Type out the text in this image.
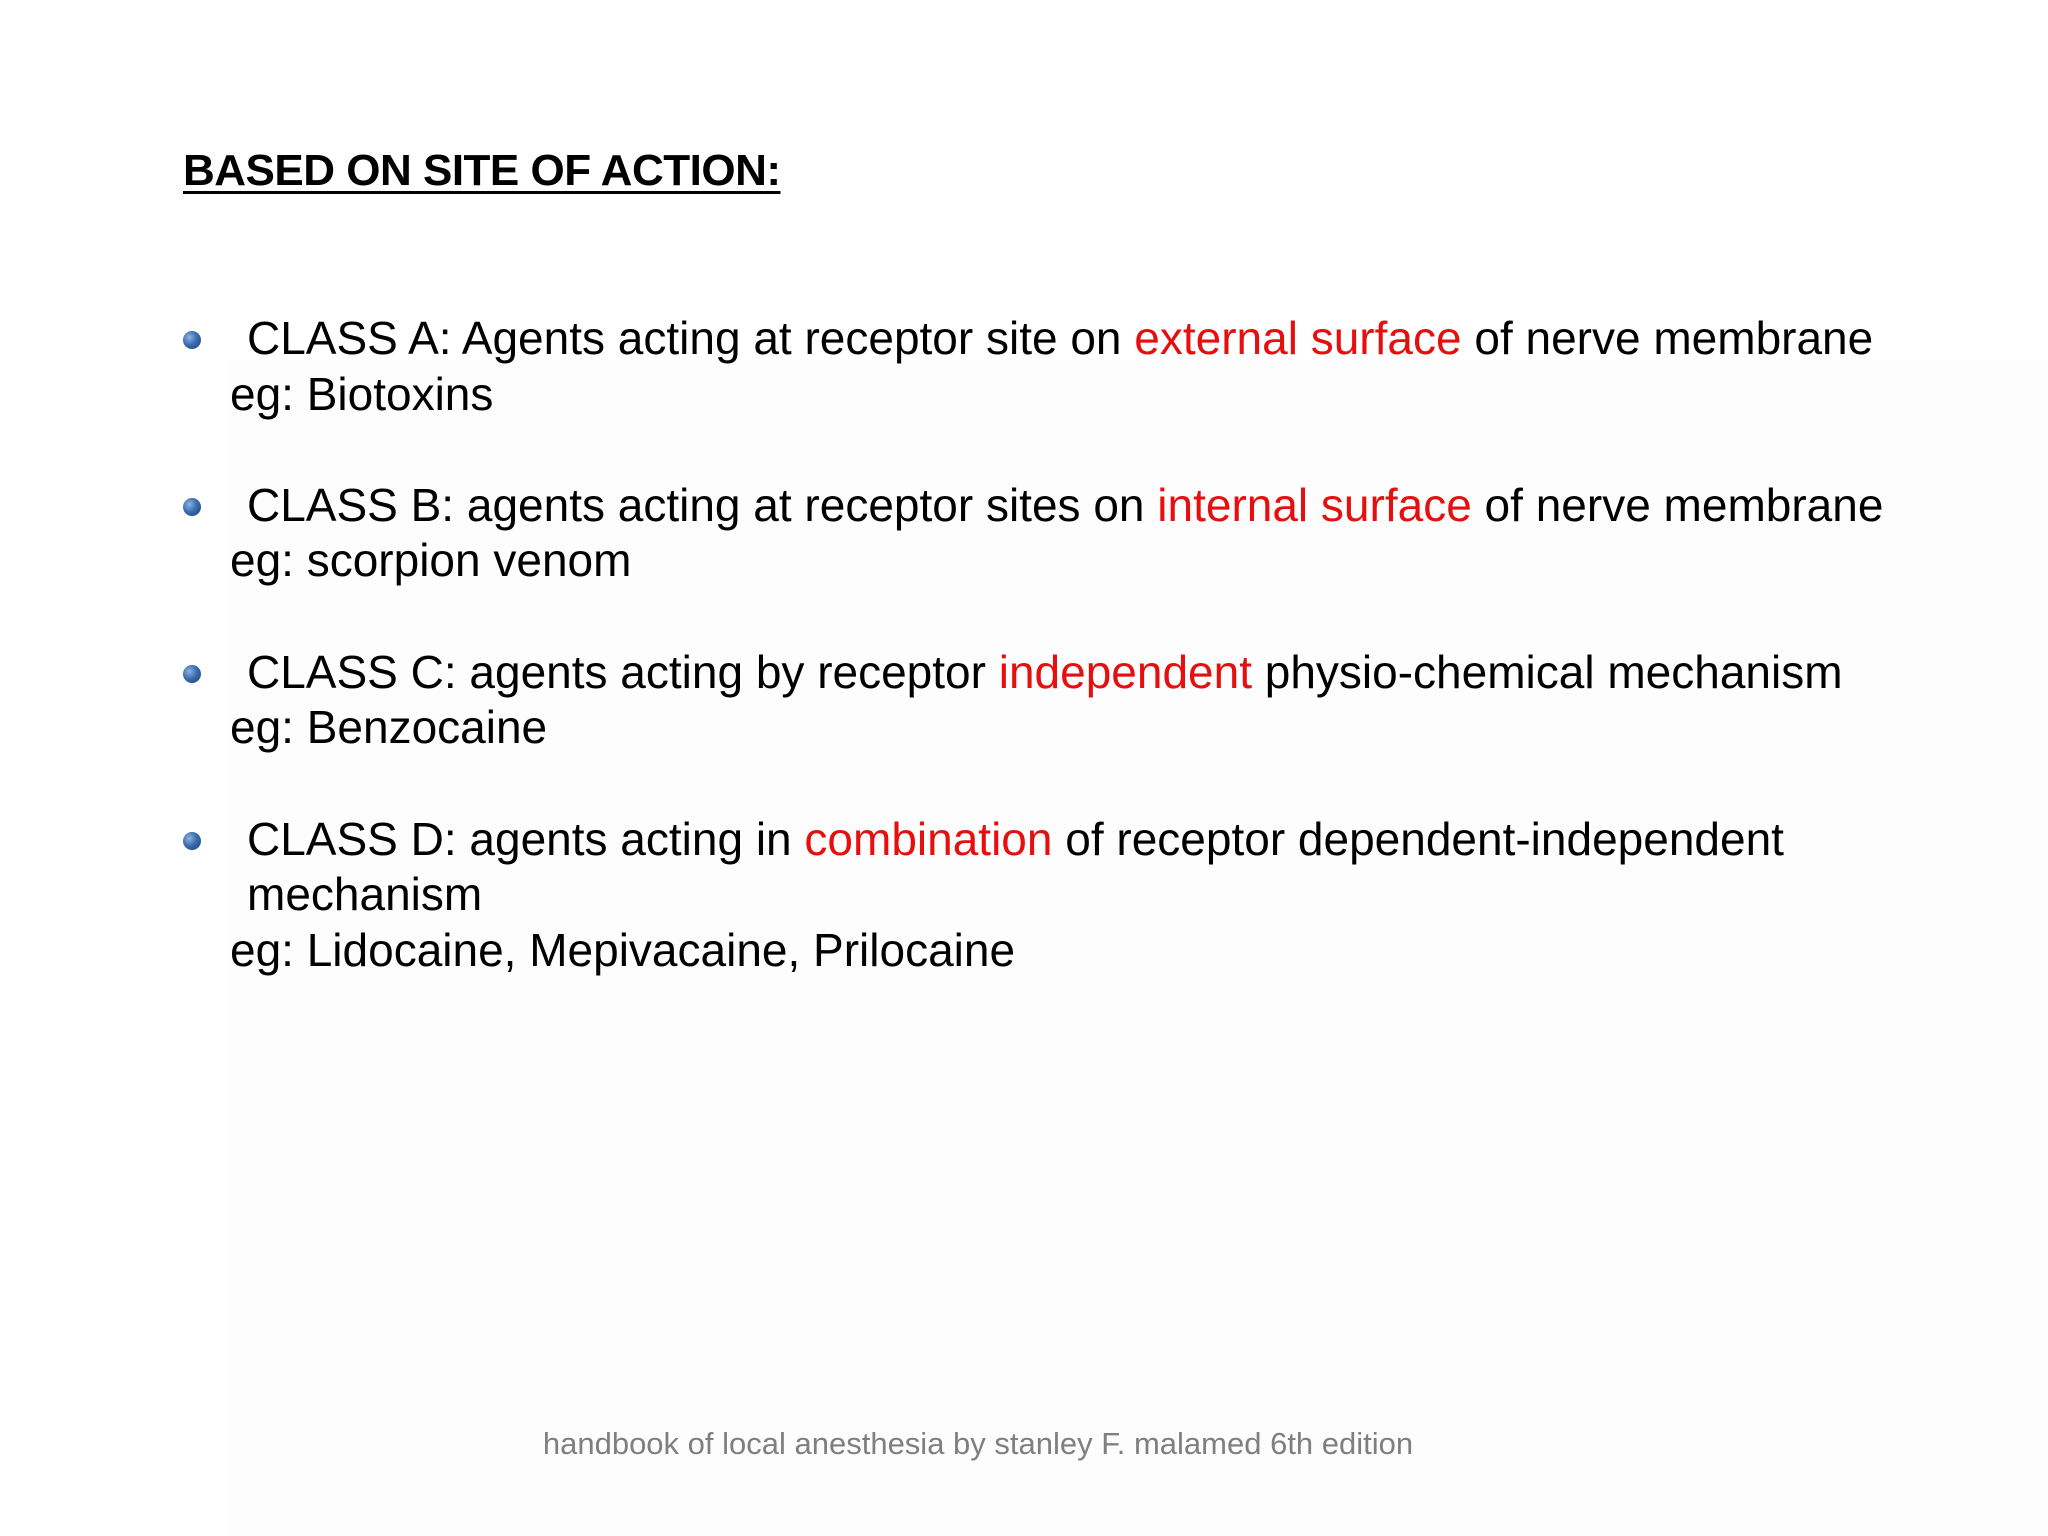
BASED ON SITE OF ACTION:
CLASS A: Agents acting at receptor site on external surface of nerve membrane
eg: Biotoxins
CLASS B: agents acting at receptor sites on internal surface of nerve membrane
eg: scorpion venom
CLASS C: agents acting by receptor independent physio-chemical mechanism
eg: Benzocaine
CLASS D: agents acting in combination of receptor dependent-independent
mechanism
eg: Lidocaine, Mepivacaine, Prilocaine
handbook of local anesthesia by stanley F. malamed 6th edition
